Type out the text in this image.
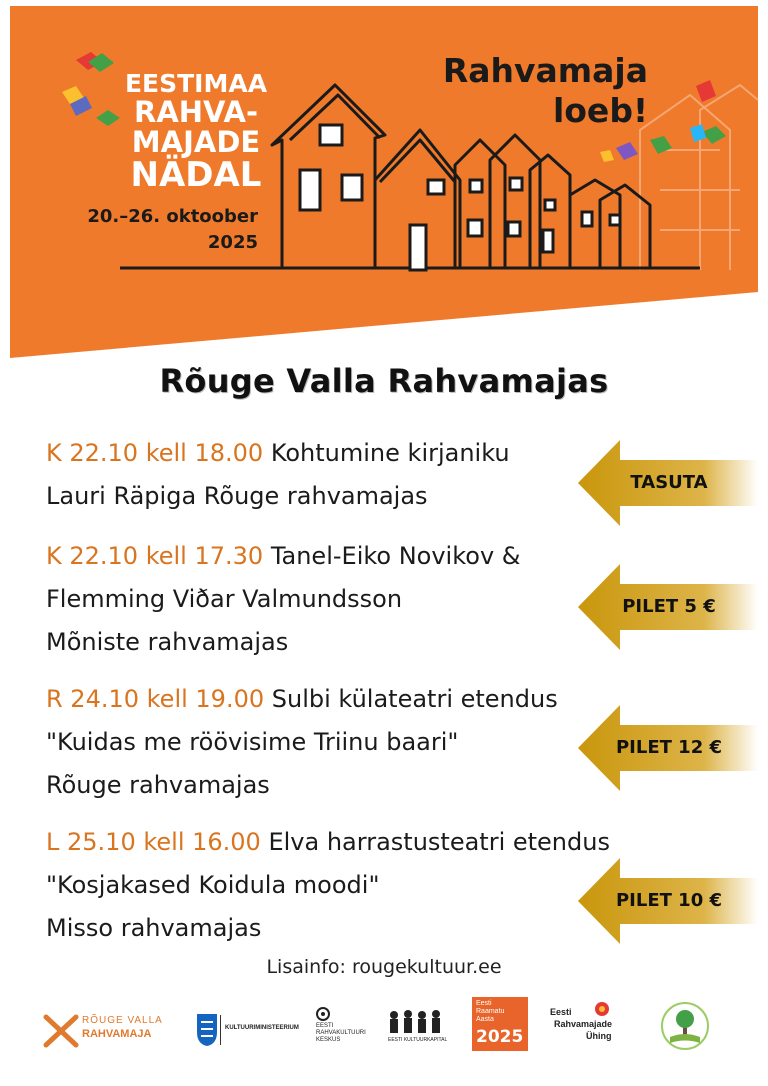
EESTIMAA
RAHVA-
MAJADE
NÄDAL
20.–26. oktoober
2025
Rahvamaja
loeb!
Rõuge Valla Rahvamajas
K 22.10 kell 18.00 Kohtumine kirjaniku
Lauri Räpiga Rõuge rahvamajas	TASUTA
K 22.10 kell 17.30 Tanel-Eiko Novikov &
Flemming Viðar Valmundsson
Mõniste rahvamajas
PILET 5 €
R 24.10 kell 19.00 Sulbi külateatri etendus
"Kuidas me röövisime Triinu baari"
Rõuge rahvamajas
PILET 12 €
L 25.10 kell 16.00 Elva harrastusteatri etendus
"Kosjakased Koidula moodi"
Misso rahvamajas
PILET 10 €
Lisainfo: rougekultuur.ee
RÕUGE VALLA
RAHVAMAJA	KULTUURIMINISTEERIUM	EESTI
RAHVAKULTUURI
KESKUS	EESTI KULTUURKAPITAL
Eesti
Raamatu
Aasta
2025
Eesti
Rahvamajade
Ühing
